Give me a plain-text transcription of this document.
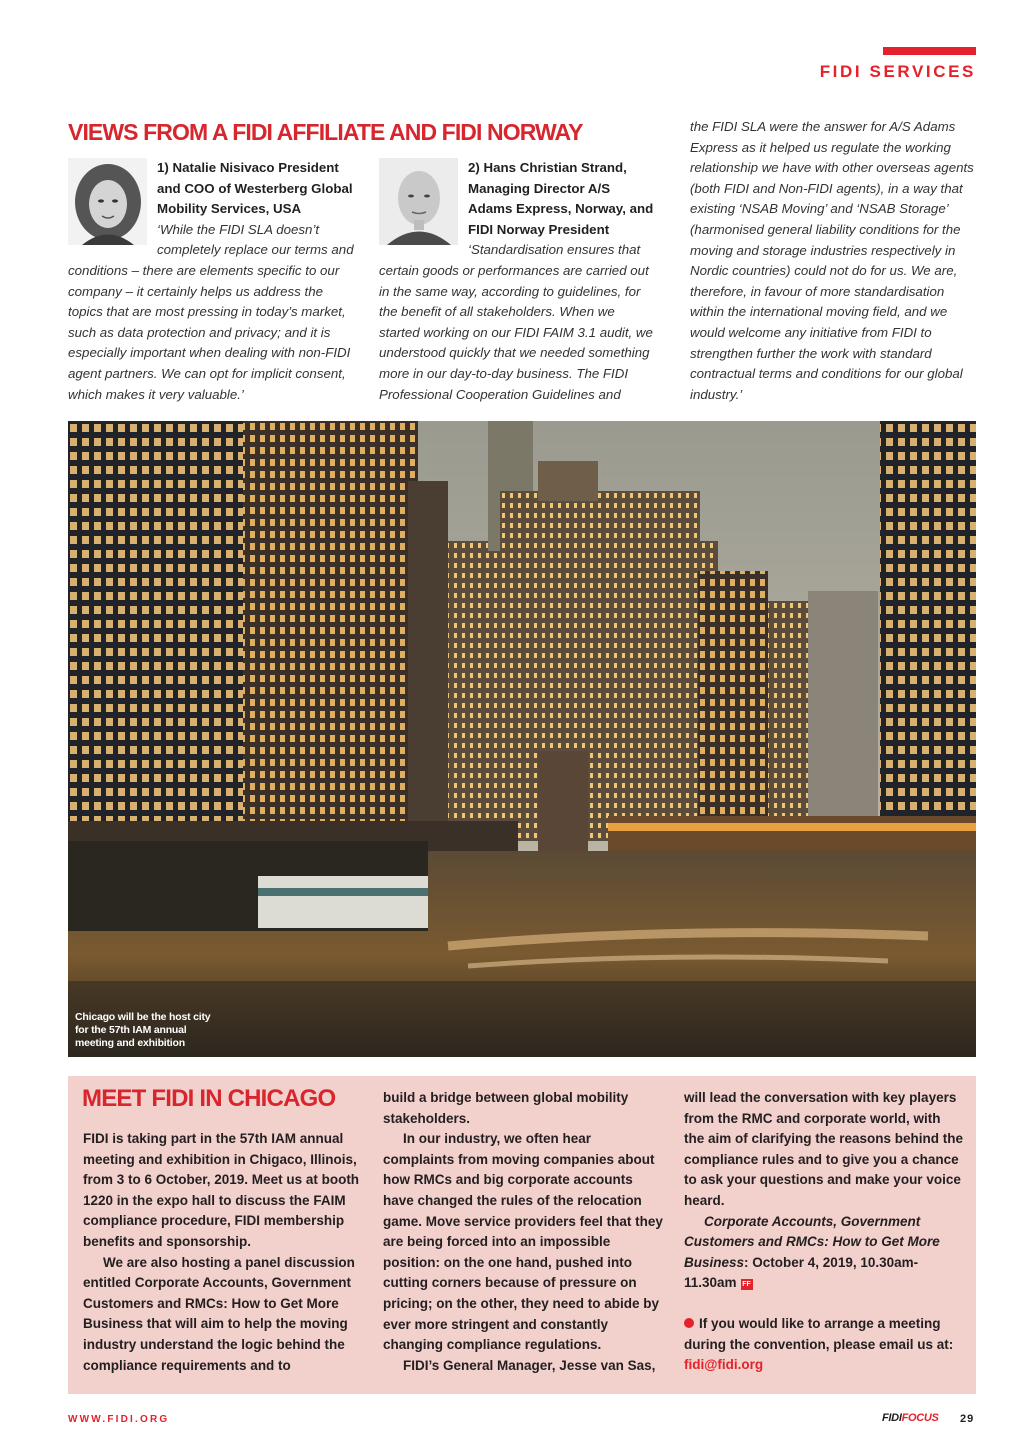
FIDI SERVICES
VIEWS FROM A FIDI AFFILIATE AND FIDI NORWAY

1) Natalie Nisivaco President and COO of Westerberg Global Mobility Services, USA

‘While the FIDI SLA doesn’t completely replace our terms and conditions – there are elements specific to our company – it certainly helps us address the topics that are most pressing in today’s market, such as data protection and privacy; and it is especially important when dealing with non-FIDI agent partners. We can opt for implicit consent, which makes it very valuable.’

2) Hans Christian Strand, Managing Director A/S Adams Express, Norway, and FIDI Norway President

‘Standardisation ensures that certain goods or performances are carried out in the same way, according to guidelines, for the benefit of all stakeholders. When we started working on our FIDI FAIM 3.1 audit, we understood quickly that we needed something more in our day-to-day business. The FIDI Professional Cooperation Guidelines and

the FIDI SLA were the answer for A/S Adams Express as it helped us regulate the working relationship we have with other overseas agents (both FIDI and Non-FIDI agents), in a way that existing ‘NSAB Moving’ and ‘NSAB Storage’ (harmonised general liability conditions for the moving and storage industries respectively in Nordic countries) could not do for us. We are, therefore, in favour of more standardisation within the international moving field, and we would welcome any initiative from FIDI to strengthen further the work with standard contractual terms and conditions for our global industry.’

Chicago will be the host city for the 57th IAM annual meeting and exhibition
MEET FIDI IN CHICAGO

FIDI is taking part in the 57th IAM annual meeting and exhibition in Chigaco, Illinois, from 3 to 6 October, 2019. Meet us at booth 1220 in the expo hall to discuss the FAIM compliance procedure, FIDI membership benefits and sponsorship.

We are also hosting a panel discussion entitled Corporate Accounts, Government Customers and RMCs: How to Get More Business that will aim to help the moving industry understand the logic behind the compliance requirements and to

build a bridge between global mobility stakeholders.

In our industry, we often hear complaints from moving companies about how RMCs and big corporate accounts have changed the rules of the relocation game. Move service providers feel that they are being forced into an impossible position: on the one hand, pushed into cutting corners because of pressure on pricing; on the other, they need to abide by ever more stringent and constantly changing compliance regulations.

FIDI’s General Manager, Jesse van Sas,

will lead the conversation with key players from the RMC and corporate world, with the aim of clarifying the reasons behind the compliance rules and to give you a chance to ask your questions and make your voice heard.

Corporate Accounts, Government Customers and RMCs: How to Get More Business: October 4, 2019, 10.30am-11.30am FF

If you would like to arrange a meeting during the convention, please email us at:
fidi@fidi.org

WWW.FIDI.ORG	FIDIFOCUS 29
